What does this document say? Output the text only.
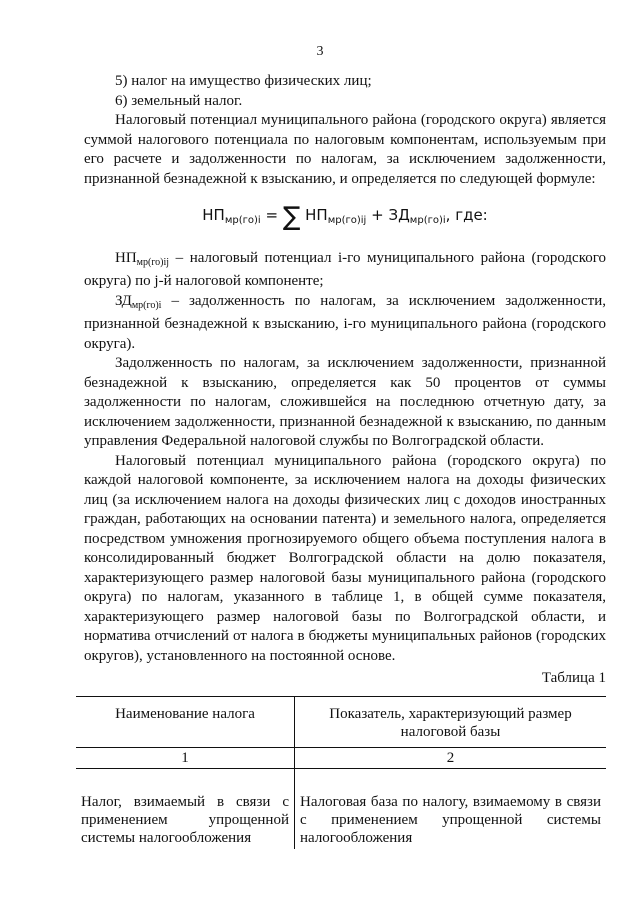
3

5) налог на имущество физических лиц;

6) земельный налог.

Налоговый потенциал муниципального района (городского округа) является суммой налогового потенциала по налоговым компонентам, используемым при его расчете и задолженности по налогам, за исключением задолженности, признанной безнадежной к взысканию, и определяется по следующей формуле:

$НП_{мр(го)i}$ = ∑ $НП_{мр(го)ij} + ЗД_{мр(го)i}$, где:

$НП_{мр(го)ij}$ – налоговый потенциал i-го муниципального района (городского округа) по j-й налоговой компоненте;

$ЗД_{мр(го)i}$ – задолженность по налогам, за исключением задолженности, признанной безнадежной к взысканию, i-го муниципального района (городского округа).

Задолженность по налогам, за исключением задолженности, признанной безнадежной к взысканию, определяется как 50 процентов от суммы задолженности по налогам, сложившейся на последнюю отчетную дату, за исключением задолженности, признанной безнадежной к взысканию, по данным управления Федеральной налоговой службы по Волгоградской области.

Налоговый потенциал муниципального района (городского округа) по каждой налоговой компоненте, за исключением налога на доходы физических лиц (за исключением налога на доходы физических лиц с доходов иностранных граждан, работающих на основании патента) и земельного налога, определяется посредством умножения прогнозируемого общего объема поступления налога в консолидированный бюджет Волгоградской области на долю показателя, характеризующего размер налоговой базы муниципального района (городского округа) по налогам, указанного в таблице 1, в общей сумме показателя, характеризующего размер налоговой базы по Волгоградской области, и норматива отчислений от налога в бюджеты муниципальных районов (городских округов), установленного на постоянной основе.

Таблица 1

Наименование налога	Показатель, характеризующий размер налоговой базы
1	2

Налог, взимаемый в связи с применением упрощенной системы налогообложения	Налоговая база по налогу, взимаемому в связи с применением упрощенной системы налогообложения
